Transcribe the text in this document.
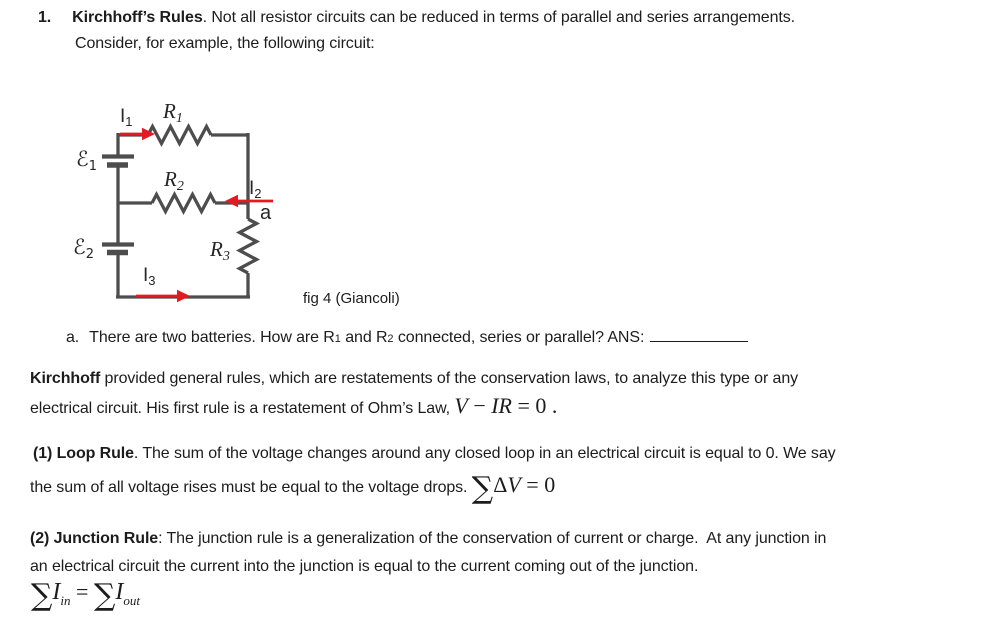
1. Kirchhoff’s Rules . Not all resistor circuits can be reduced in terms of parallel and series arrangements.
Consider, for example, the following circuit:
$I_1$ R1
ℰ1
R2	$I_2$
a
ℰ2	R3
$I_3$
fig 4 (Giancoli)
a. There are two batteries. How are R 1 and R 2 connected, series or parallel? ANS:
Kirchhoff provided general rules, which are restatements of the conservation laws, to analyze this type or any
electrical circuit. His first rule is a restatement of Ohm’s Law, V − IR = 0 .
(1) Loop Rule . The sum of the voltage changes around any closed loop in an electrical circuit is equal to 0. We say
the sum of all voltage rises must be equal to the voltage drops. ∑ΔV = 0
(2) Junction Rule : The junction rule is a generalization of the conservation of current or charge.  At any junction in
an electrical circuit the current into the junction is equal to the current coming out of the junction.
$\sum I_{in} = \sum I_{out}$
